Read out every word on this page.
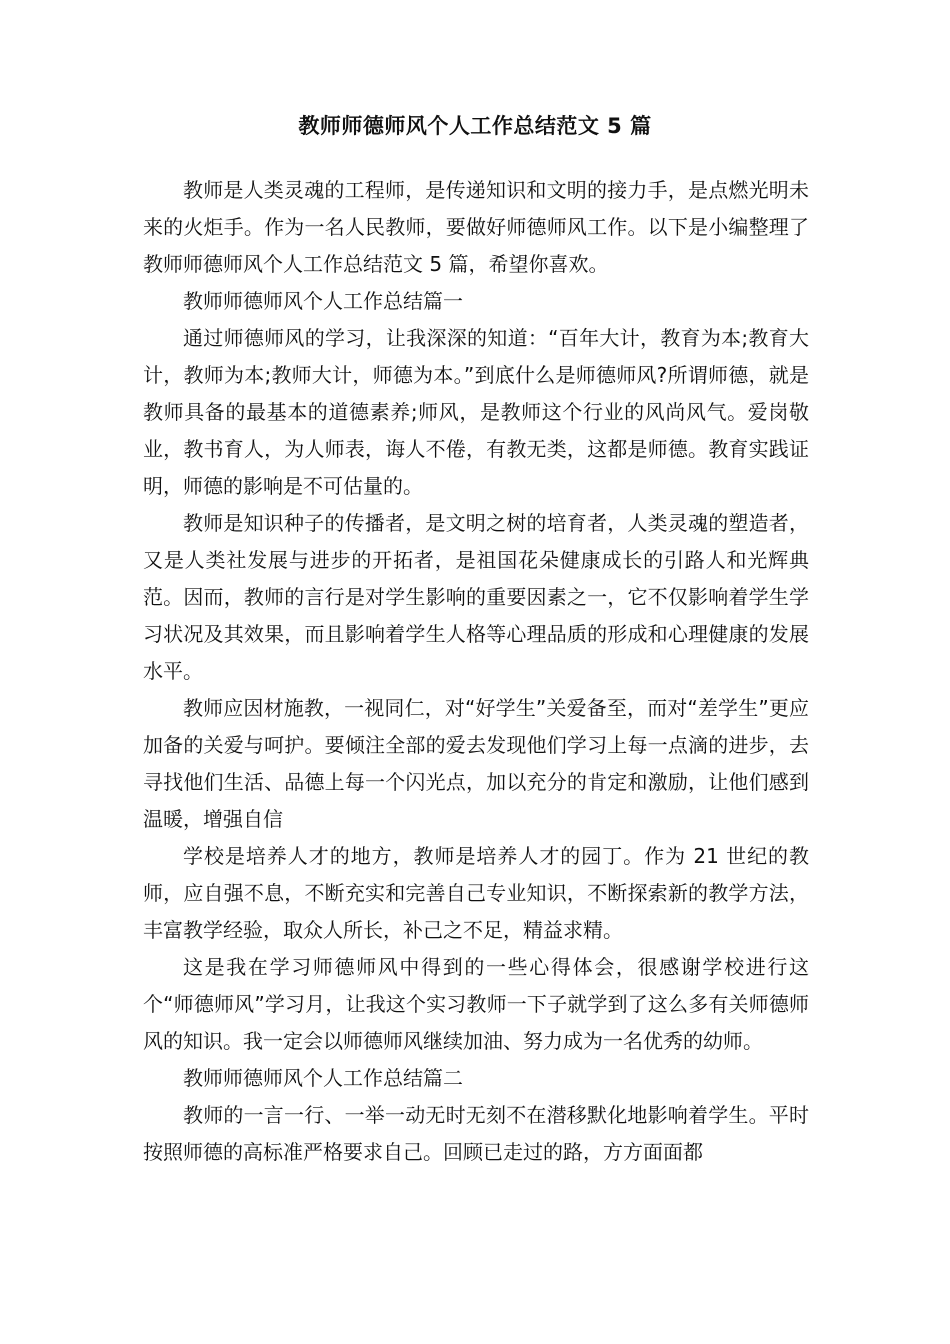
教师师德师风个人工作总结范文 5 篇

教师是人类灵魂的工程师，是传递知识和文明的接力手，是点燃光明未来的火炬手。作为一名人民教师，要做好师德师风工作。以下是小编整理了教师师德师风个人工作总结范文 5 篇，希望你喜欢。

教师师德师风个人工作总结篇一

通过师德师风的学习，让我深深的知道：“百年大计，教育为本;教育大计，教师为本;教师大计，师德为本。”到底什么是师德师风?所谓师德，就是教师具备的最基本的道德素养;师风，是教师这个行业的风尚风气。爱岗敬业，教书育人，为人师表，诲人不倦，有教无类，这都是师德。教育实践证明，师德的影响是不可估量的。

教师是知识种子的传播者，是文明之树的培育者，人类灵魂的塑造者，又是人类社发展与进步的开拓者，是祖国花朵健康成长的引路人和光辉典范。因而，教师的言行是对学生影响的重要因素之一，它不仅影响着学生学习状况及其效果，而且影响着学生人格等心理品质的形成和心理健康的发展水平。

教师应因材施教，一视同仁，对“好学生”关爱备至，而对“差学生”更应加备的关爱与呵护。要倾注全部的爱去发现他们学习上每一点滴的进步，去寻找他们生活、品德上每一个闪光点，加以充分的肯定和激励，让他们感到温暖，增强自信

学校是培养人才的地方，教师是培养人才的园丁。作为 21 世纪的教师，应自强不息，不断充实和完善自己专业知识，不断探索新的教学方法，丰富教学经验，取众人所长，补己之不足，精益求精。

这是我在学习师德师风中得到的一些心得体会，很感谢学校进行这个“师德师风”学习月，让我这个实习教师一下子就学到了这么多有关师德师风的知识。我一定会以师德师风继续加油、努力成为一名优秀的幼师。

教师师德师风个人工作总结篇二

教师的一言一行、一举一动无时无刻不在潜移默化地影响着学生。平时按照师德的高标准严格要求自己。回顾已走过的路，方方面面都
